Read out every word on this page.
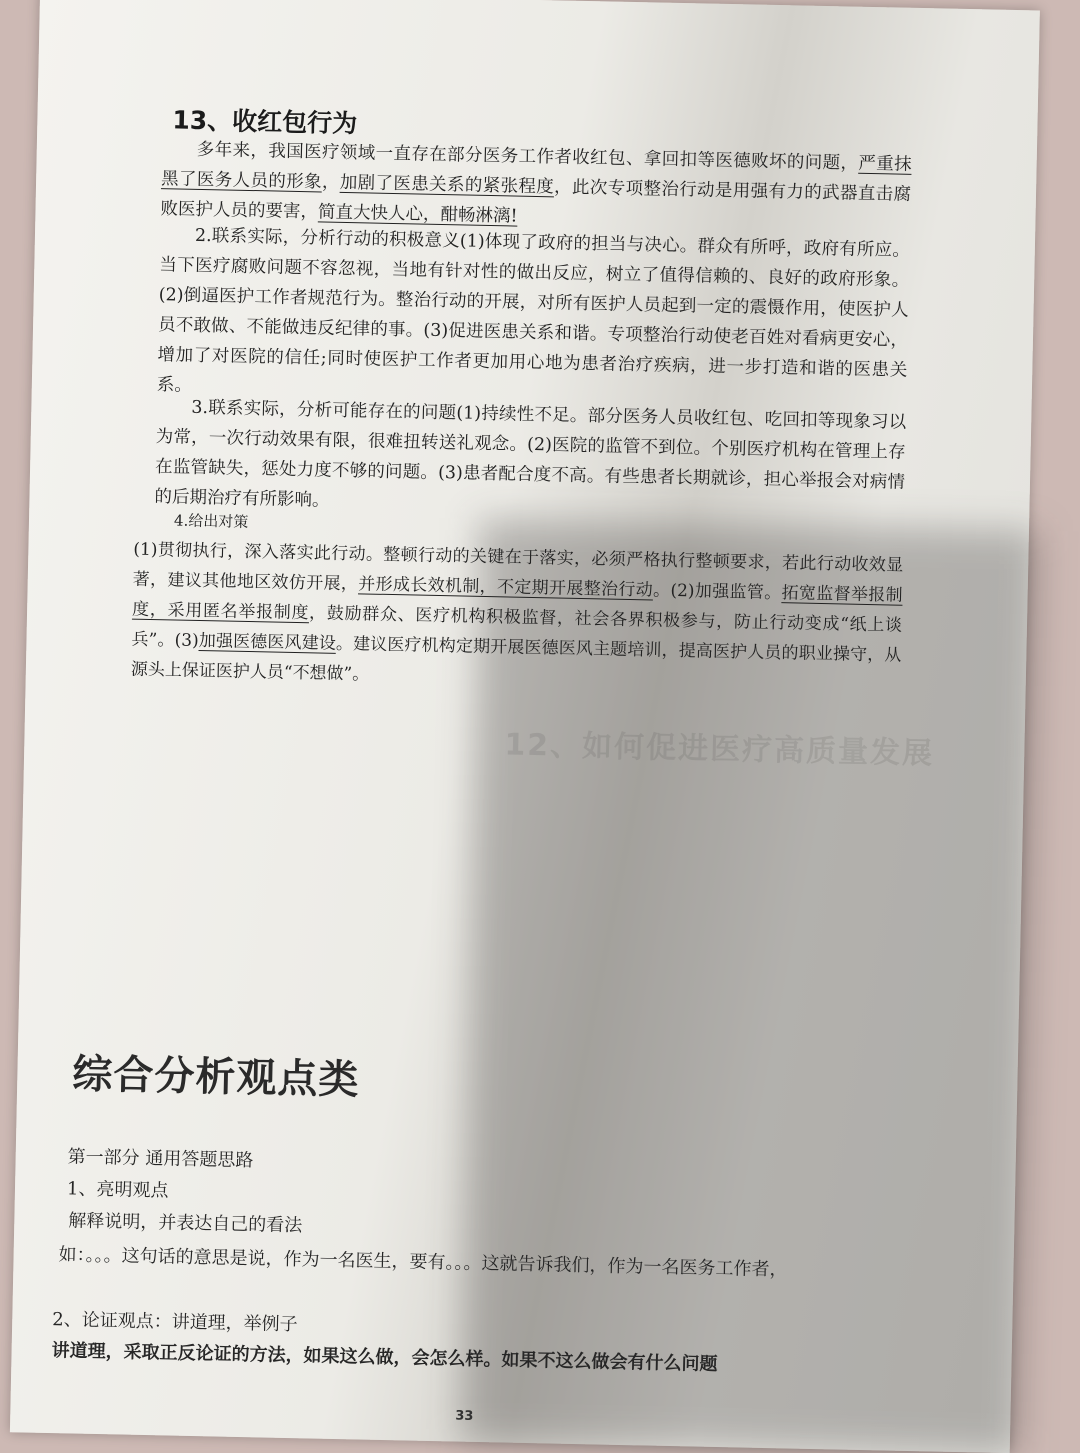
12、如何促进医疗高质量发展
13、收红包行为
多年来，我国医疗领域一直存在部分医务工作者收红包、拿回扣等医德败坏的问题，严重抹黑了医务人员的形象，加剧了医患关系的紧张程度，此次专项整治行动是用强有力的武器直击腐败医护人员的要害，简直大快人心，酣畅淋漓!
2.联系实际，分析行动的积极意义(1)体现了政府的担当与决心。群众有所呼，政府有所应。当下医疗腐败问题不容忽视，当地有针对性的做出反应，树立了值得信赖的、良好的政府形象。(2)倒逼医护工作者规范行为。整治行动的开展，对所有医护人员起到一定的震慑作用，使医护人员不敢做、不能做违反纪律的事。(3)促进医患关系和谐。专项整治行动使老百姓对看病更安心，增加了对医院的信任;同时使医护工作者更加用心地为患者治疗疾病，进一步打造和谐的医患关系。
3.联系实际，分析可能存在的问题(1)持续性不足。部分医务人员收红包、吃回扣等现象习以为常，一次行动效果有限，很难扭转送礼观念。(2)医院的监管不到位。个别医疗机构在管理上存在监管缺失，惩处力度不够的问题。(3)患者配合度不高。有些患者长期就诊，担心举报会对病情的后期治疗有所影响。
4.给出对策
(1)贯彻执行，深入落实此行动。整顿行动的关键在于落实，必须严格执行整顿要求，若此行动收效显著，建议其他地区效仿开展，并形成长效机制，不定期开展整治行动。(2)加强监管。拓宽监督举报制度，采用匿名举报制度，鼓励群众、医疗机构积极监督，社会各界积极参与，防止行动变成“纸上谈兵”。(3)加强医德医风建设。建议医疗机构定期开展医德医风主题培训，提高医护人员的职业操守，从源头上保证医护人员“不想做”。
综合分析观点类
第一部分 通用答题思路
1、亮明观点
解释说明，并表达自己的看法
如：。。。这句话的意思是说，作为一名医生，要有。。。这就告诉我们，作为一名医务工作者，
2、论证观点：讲道理，举例子
讲道理，采取正反论证的方法，如果这么做，会怎么样。如果不这么做会有什么问题
33
